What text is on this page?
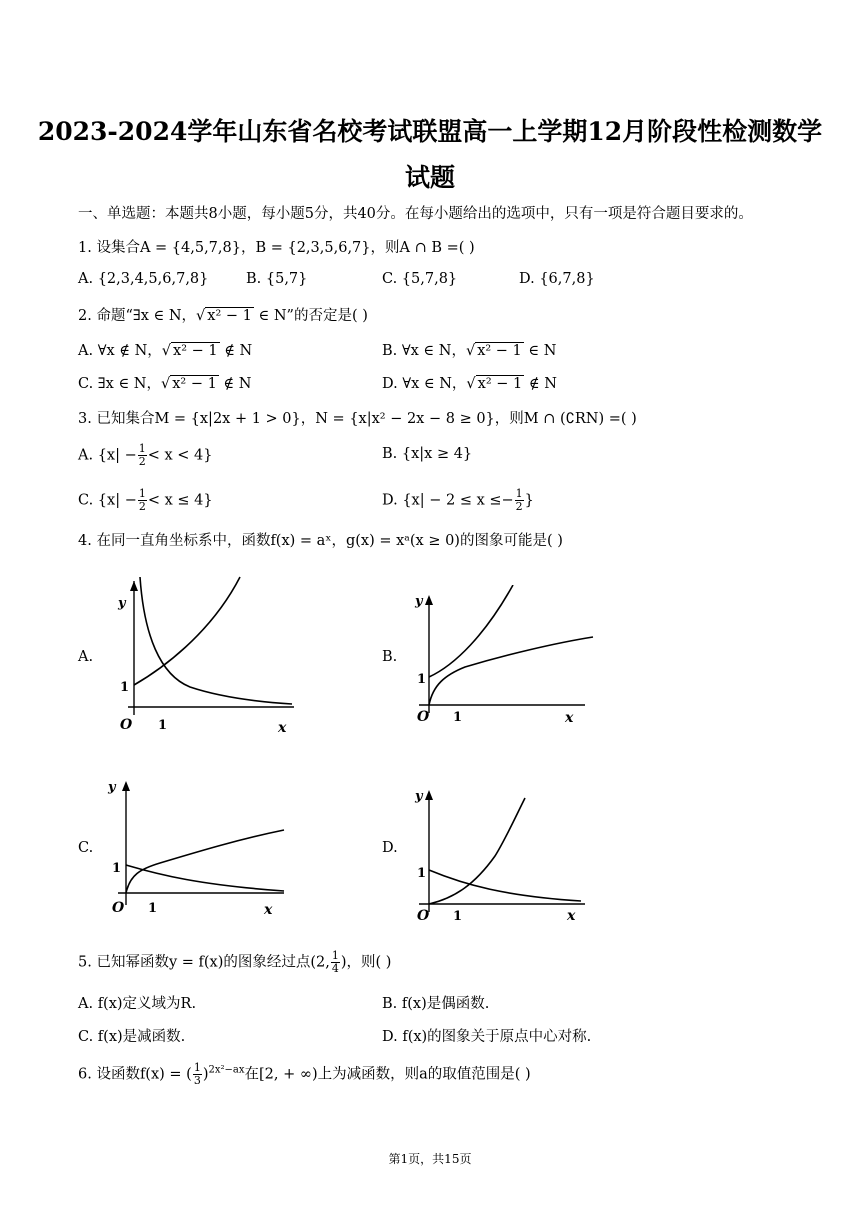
2023-2024学年山东省名校考试联盟高一上学期12月阶段性检测数学
试题
一、单选题：本题共8小题，每小题5分，共40分。在每小题给出的选项中，只有一项是符合题目要求的。
1. 设集合A = {4,5,7,8}，B = {2,3,5,6,7}，则A ∩ B =( )
A. {2,3,4,5,6,7,8}	B. {5,7}	C. {5,7,8}	D. {6,7,8}
2. 命题“∃x ∈ N，√ x² − 1 ∈ N”的否定是( )
A. ∀x ∉ N，√ x² − 1 ∉ N	B. ∀x ∈ N，√ x² − 1 ∈ N
C. ∃x ∈ N，√ x² − 1 ∉ N	D. ∀x ∈ N，√ x² − 1 ∉ N
3. 已知集合M = {x|2x + 1 > 0}，N = {x|x² − 2x − 8 ≥ 0}，则M ∩ (∁RN) =( )
A. $\{x| - \frac{1}{2} < x < 4\}$	B. {x|x ≥ 4}
C. $\{x| - \frac{1}{2} < x \le 4\}$	D. {$x| - 2 \le x \le- \frac{1}{2}$ }
4. 在同一直角坐标系中，函数f(x) = aˣ，g(x) = xᵃ(x ≥ 0)的图象可能是( )
A.	B.
C.	D.
y
O 1	x
1
y
O 1	x
1
y
O 1	x
1
y
O 1	x
1
5. 已知幂函数y = f(x)的图象经过点(2, $\frac{1}{4}$ )，则( )
A. f(x)定义域为R.	B. f(x)是偶函数.
C. f(x)是减函数.	D. f(x)的图象关于原点中心对称.
6. 设函数f(x) = ( $\frac{1}{3} )^{2x^2-ax}$在[2, + ∞)上为减函数，则a的取值范围是( )
第1页，共15页
